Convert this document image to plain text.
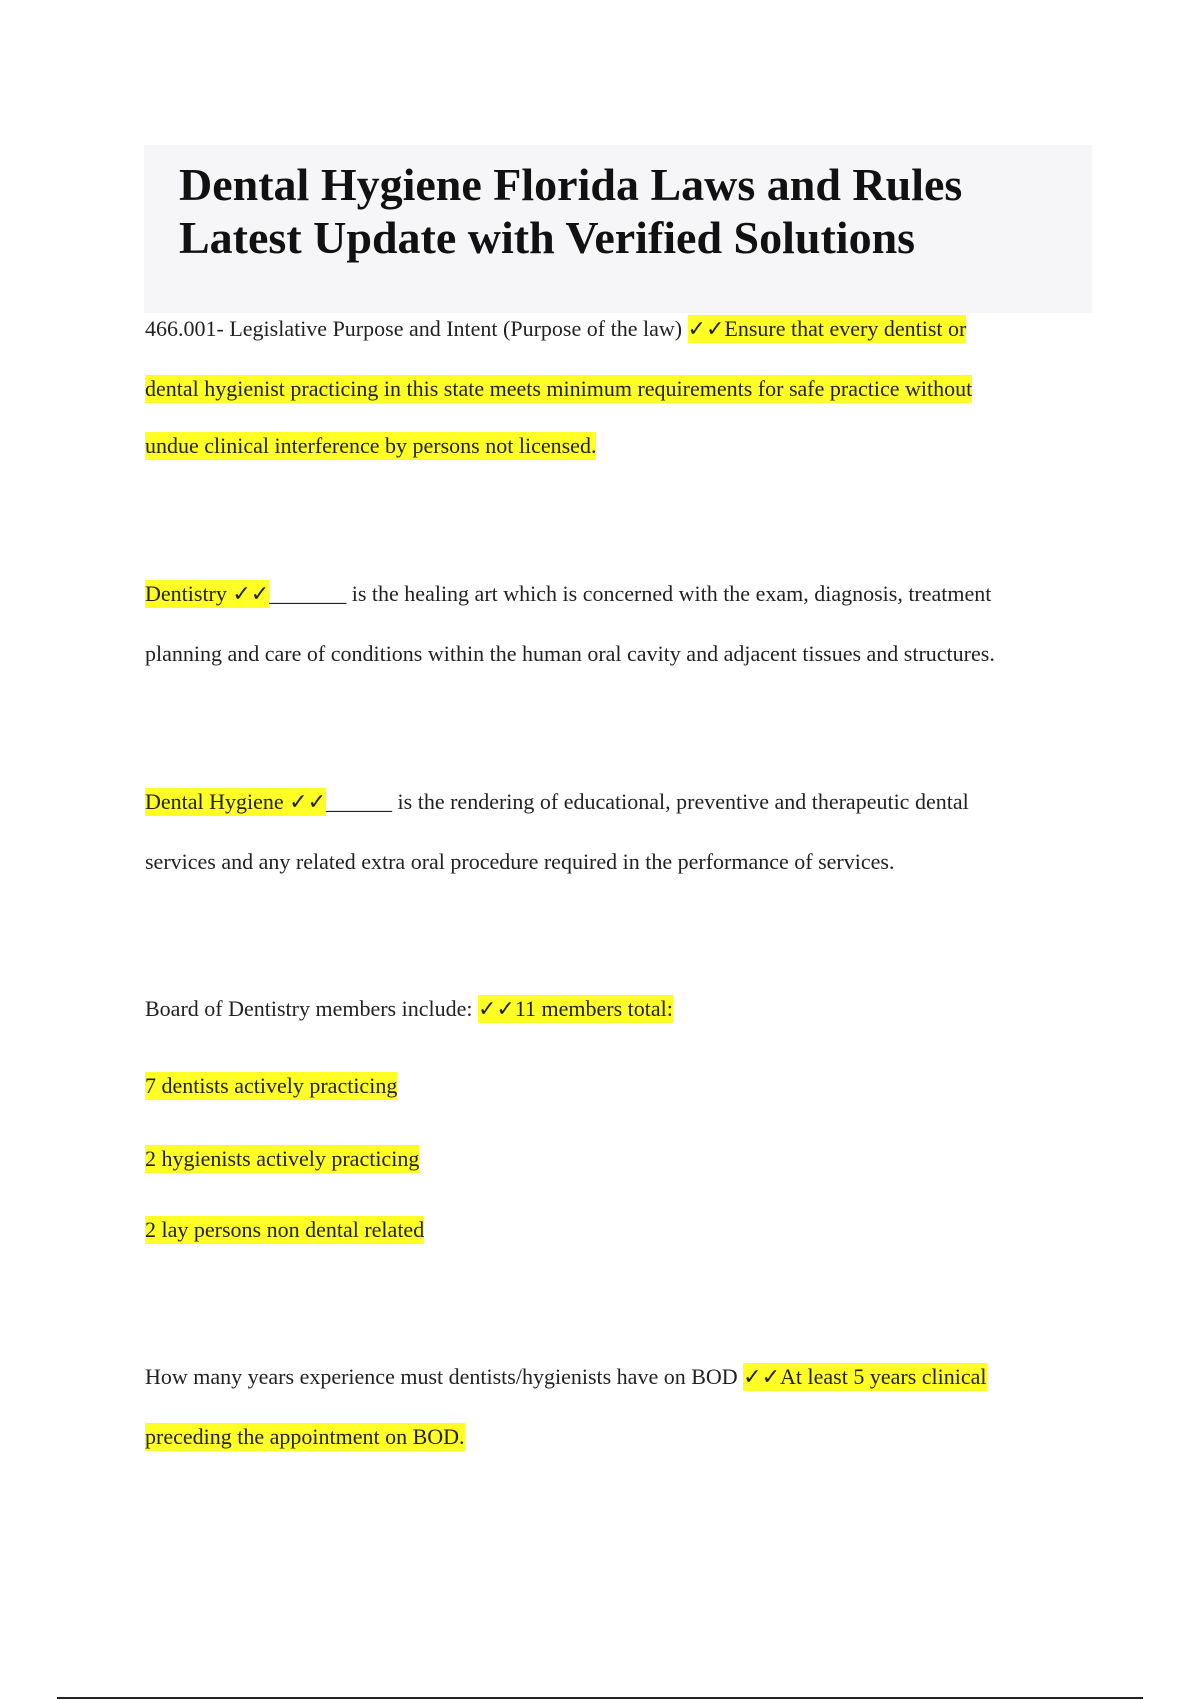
Dental Hygiene Florida Laws and Rules
Latest Update with Verified Solutions
466.001- Legislative Purpose and Intent (Purpose of the law) ✓✓Ensure that every dentist or
dental hygienist practicing in this state meets minimum requirements for safe practice without
undue clinical interference by persons not licensed.
Dentistry ✓✓_______ is the healing art which is concerned with the exam, diagnosis, treatment
planning and care of conditions within the human oral cavity and adjacent tissues and structures.
Dental Hygiene ✓✓______ is the rendering of educational, preventive and therapeutic dental
services and any related extra oral procedure required in the performance of services.
Board of Dentistry members include: ✓✓11 members total:
7 dentists actively practicing
2 hygienists actively practicing
2 lay persons non dental related
How many years experience must dentists/hygienists have on BOD ✓✓At least 5 years clinical
preceding the appointment on BOD.
